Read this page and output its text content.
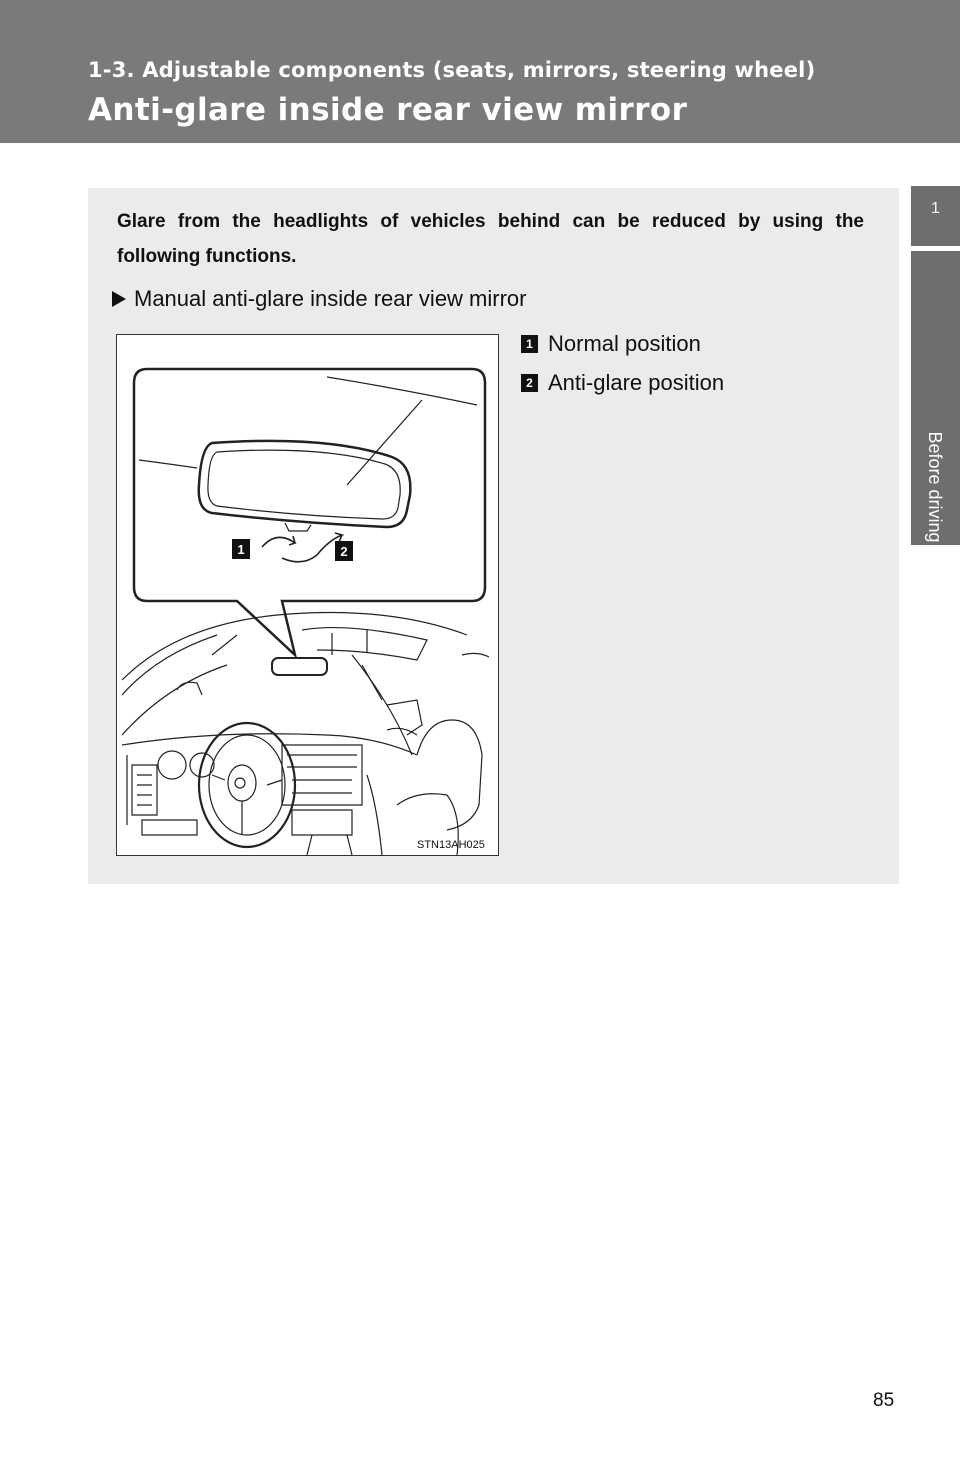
1-3. Adjustable components (seats, mirrors, steering wheel)
Anti-glare inside rear view mirror
1
Before driving

Glare from the headlights of vehicles behind can be reduced by using the following functions.

Manual anti-glare inside rear view mirror
1	2
STN13AH025
1 Normal position
2 Anti-glare position
85
